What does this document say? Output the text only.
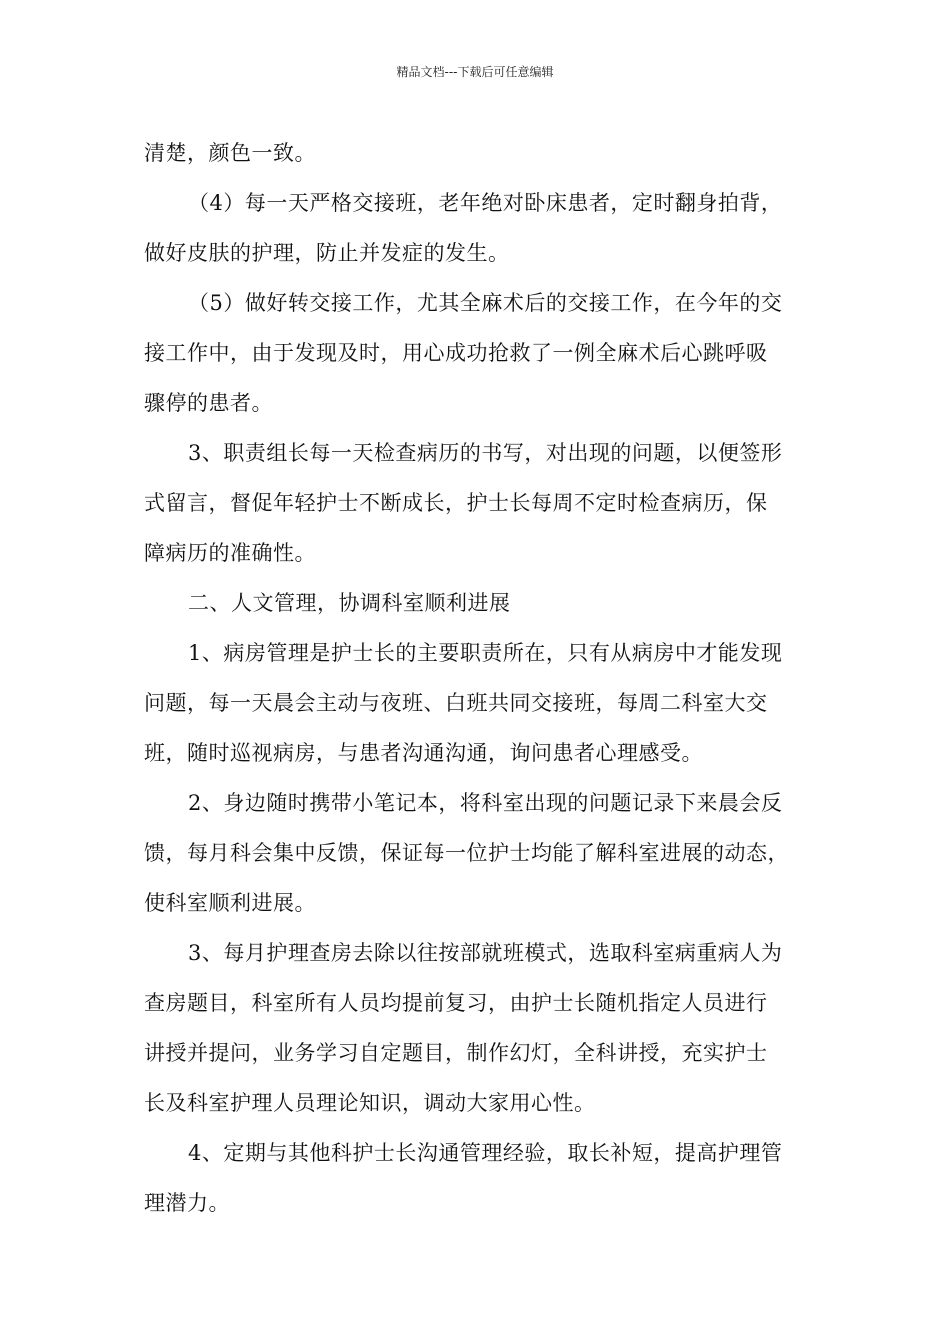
精品文档---下载后可任意编辑
清楚，颜色一致。
（4）每一天严格交接班，老年绝对卧床患者，定时翻身拍背，
做好皮肤的护理，防止并发症的发生。
（5）做好转交接工作，尤其全麻术后的交接工作，在今年的交
接工作中，由于发现及时，用心成功抢救了一例全麻术后心跳呼吸
骤停的患者。
3、职责组长每一天检查病历的书写，对出现的问题，以便签形
式留言，督促年轻护士不断成长，护士长每周不定时检查病历，保
障病历的准确性。
二、人文管理，协调科室顺利进展
1、病房管理是护士长的主要职责所在，只有从病房中才能发现
问题，每一天晨会主动与夜班、白班共同交接班，每周二科室大交
班，随时巡视病房，与患者沟通沟通，询问患者心理感受。
2、身边随时携带小笔记本，将科室出现的问题记录下来晨会反
馈，每月科会集中反馈，保证每一位护士均能了解科室进展的动态，
使科室顺利进展。
3、每月护理查房去除以往按部就班模式，选取科室病重病人为
查房题目，科室所有人员均提前复习，由护士长随机指定人员进行
讲授并提问，业务学习自定题目，制作幻灯，全科讲授，充实护士
长及科室护理人员理论知识，调动大家用心性。
4、定期与其他科护士长沟通管理经验，取长补短，提高护理管
理潜力。
